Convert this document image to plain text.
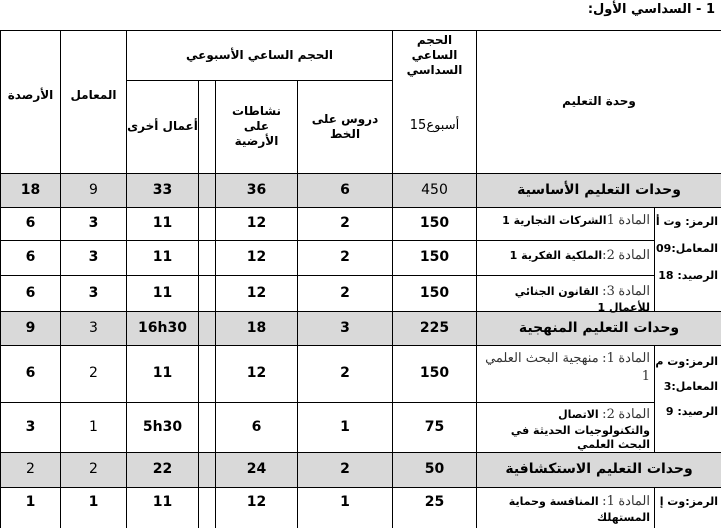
1 - السداسي الأول:
وحدة التعليم
الحجم الساعي السداسي
15أسبوع
الحجم الساعي الأسبوعي
دروس على الخط
نشاطات على الأرضية
أعمال أخرى
المعامل
الأرصدة
وحدات التعليم الأساسية
450
6
36
33
9
18
الرمز: وت أ
المعامل:09
الرصيد: 18
المادة 1الشركات التجارية 1
150
2
12
11
3
6
المادة 2:الملكية الفكرية 1
150
2
12
11
3
6
المادة 3: القانون الجنائي للأعمال 1
150
2
12
11
3
6
وحدات التعليم المنهجية
225
3
18
16h30
3
9
الرمز:وت م
المعامل:3
الرصيد: 9
المادة 1: منهجية البحث العلمي 1
150
2
12
11
2
6
المادة 2: الاتصال والتكنولوجيات الحديثة في البحث العلمي
75
1
6
5h30
1
3
وحدات التعليم الاستكشافية
50
2
24
22
2
2
الرمز:وت إ
المادة 1: المنافسة وحماية المستهلك
25
1
12
11
1
1
